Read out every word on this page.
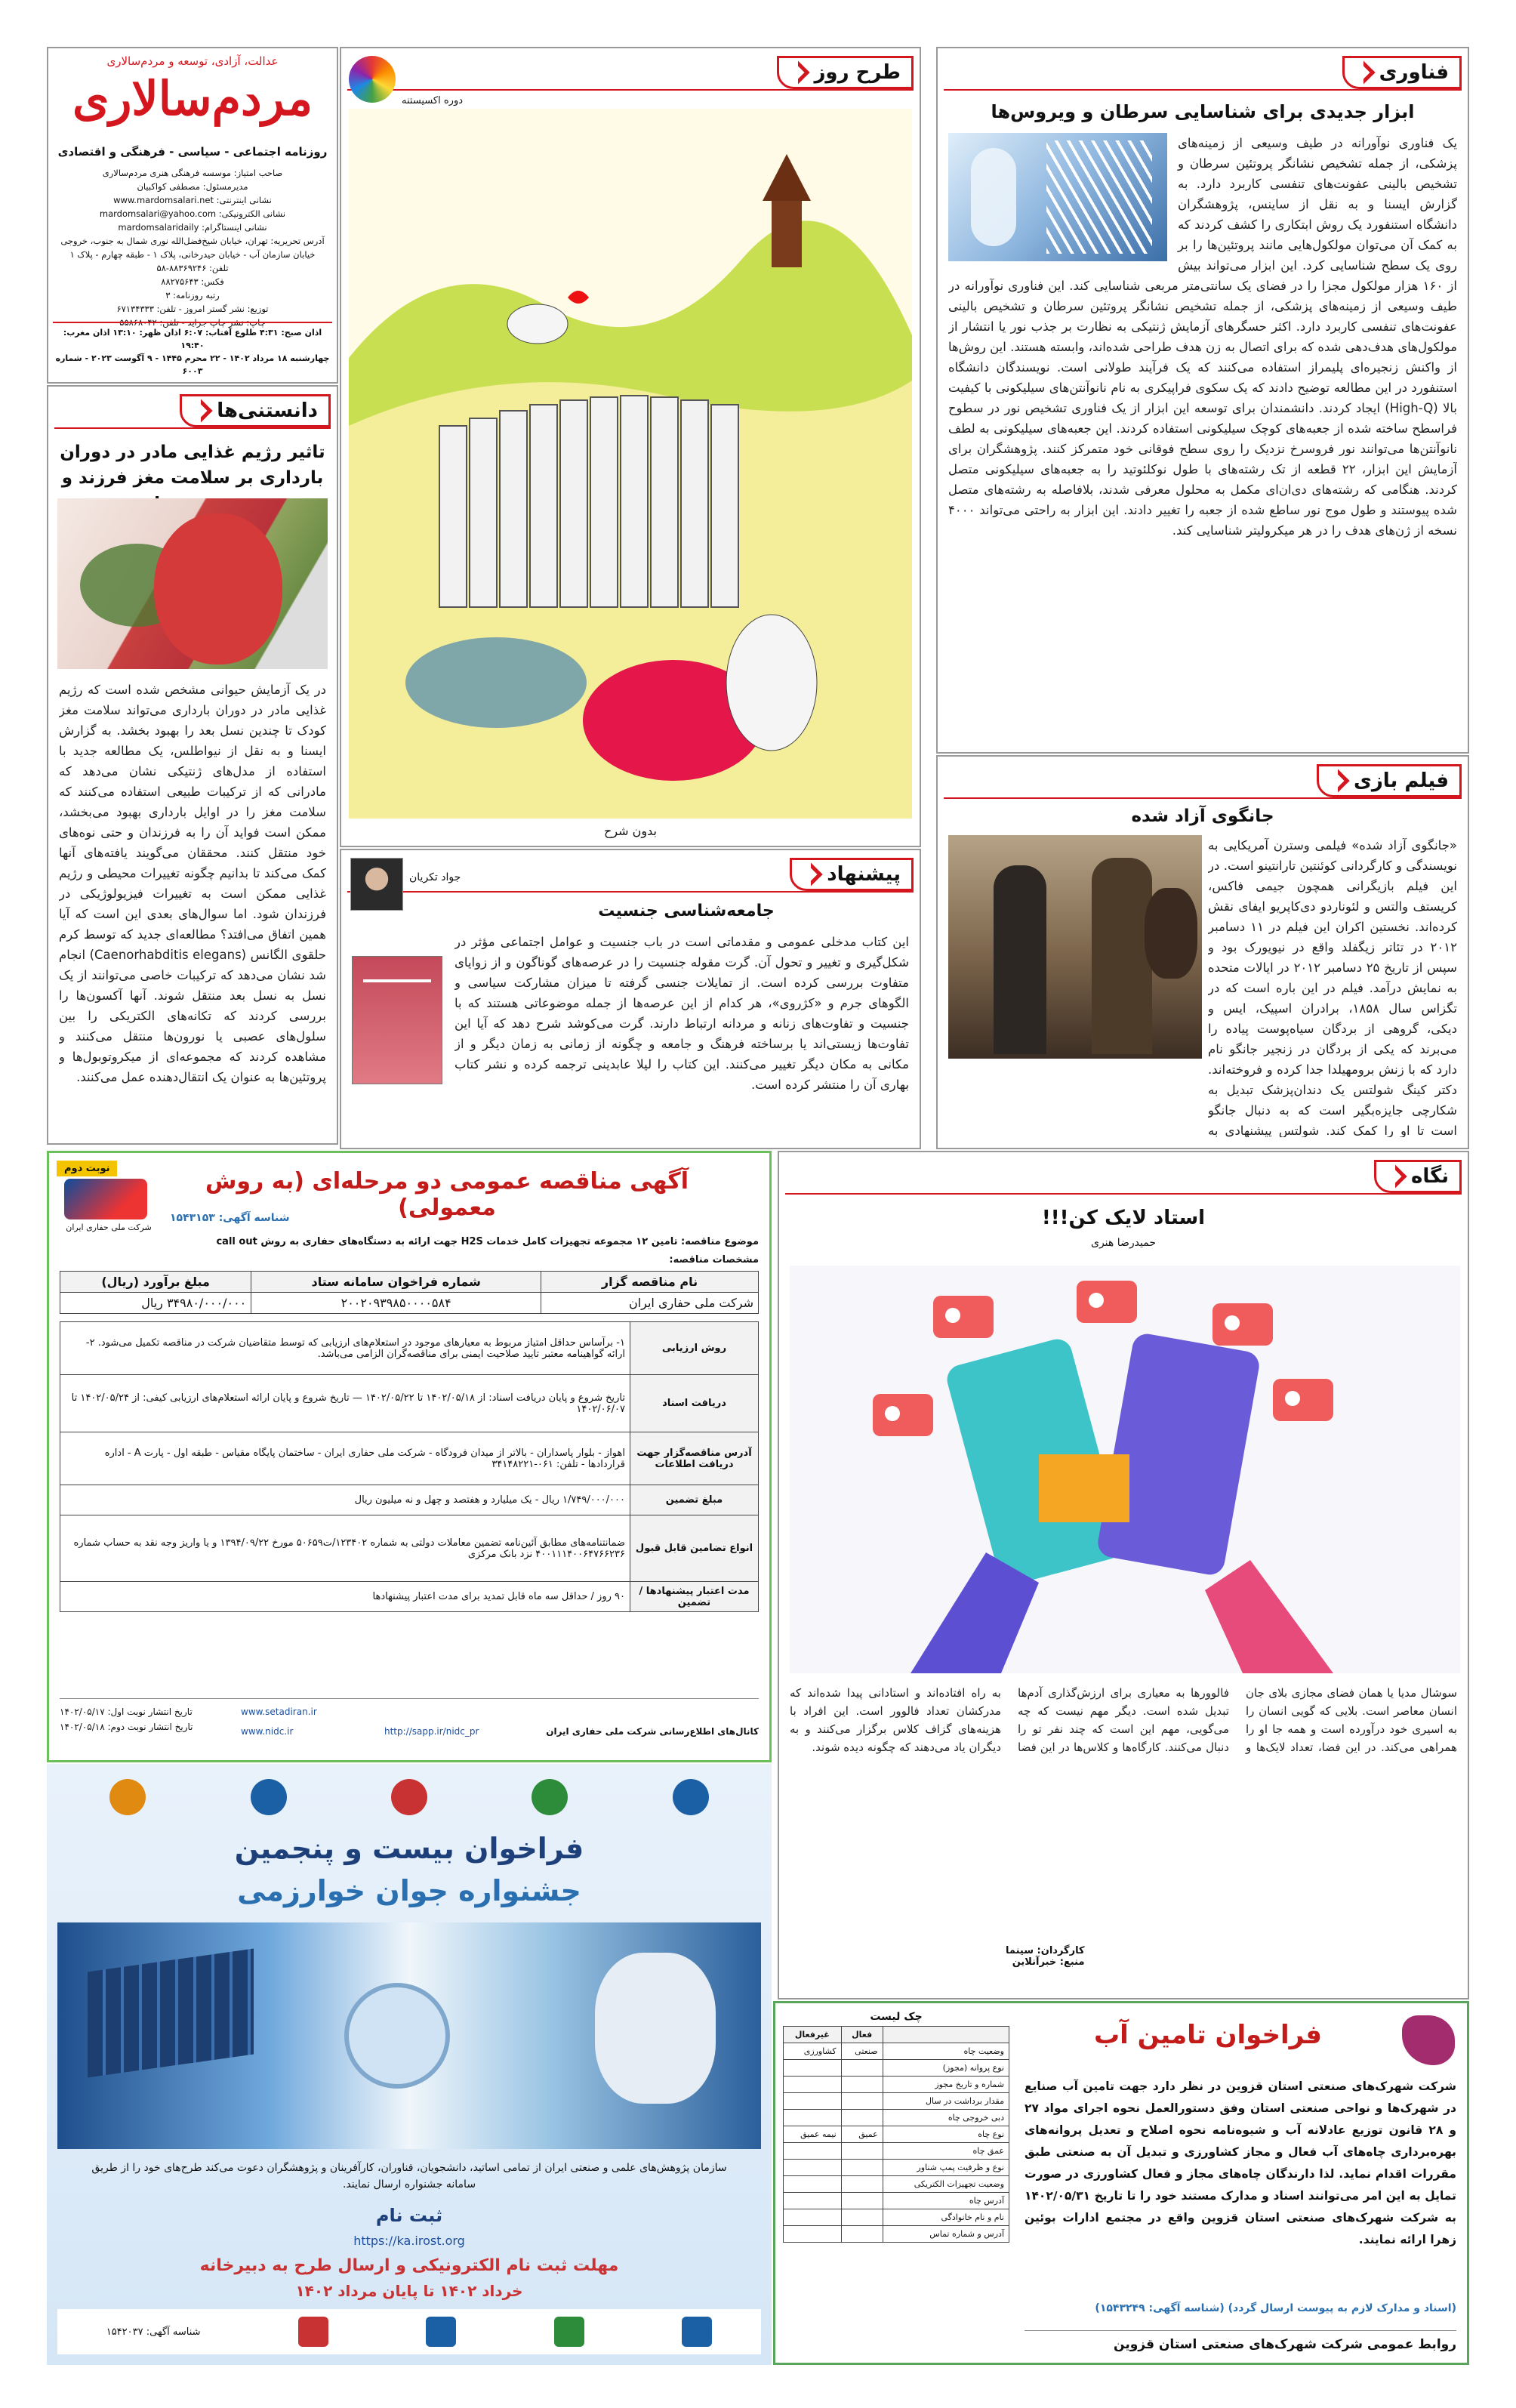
عدالت، آزادی، توسعه و مردم‌سالاری
مردم‌سالاری
روزنامه اجتماعی - سیاسی - فرهنگی و اقتصادی
صاحب امتیاز: موسسه فرهنگی هنری مردم‌سالاری
مدیرمسئول: مصطفی کواکبیان
نشانی اینترنتی: www.mardomsalari.net
نشانی الکترونیکی: mardomsalari@yahoo.com
نشانی اینستاگرام: mardomsalaridaily
آدرس تحریریه: تهران، خیابان شیخ‌فضل‌الله نوری شمال به جنوب، خروجی خیابان سازمان آب - خیابان حیدرخانی، پلاک ۱ - طبقه چهارم - پلاک ۱
تلفن: ۸۸۳۶۹۲۴۶-۵۸
فکس: ۸۸۲۷۵۶۴۳
رتبه روزنامه: ۳
توزیع: نشر گستر امروز - تلفن: ۶۷۱۳۴۳۳۳
چاپ: نشر چاپ جراید - تلفن: ۵۵۸۶۸۰۴۲
اذان صبح: ۴:۳۱ طلوع آفتاب: ۶:۰۷ اذان ظهر: ۱۳:۱۰ اذان مغرب: ۱۹:۴۰
چهارشنبه ۱۸ مرداد ۱۴۰۲ - ۲۲ محرم ۱۴۴۵ - ۹ آگوست ۲۰۲۳ - شماره ۶۰۰۳
دانستنی‌ها
تاثیر رژیم غذایی مادر در دوران بارداری بر سلامت مغز فرزند و
در یک آزمایش حیوانی مشخص شده است که رژیم غذایی مادر در دوران بارداری می‌تواند سلامت مغز کودک تا چندین نسل بعد را بهبود بخشد. به گزارش ایسنا و به نقل از نیواطلس، یک مطالعه جدید با استفاده از مدل‌های ژنتیکی نشان می‌دهد که مادرانی که از ترکیبات طبیعی استفاده می‌کنند که سلامت مغز را در اوایل بارداری بهبود می‌بخشد، ممکن است فواید آن را به فرزندان و حتی نوه‌های خود منتقل کنند. محققان می‌گویند یافته‌های آنها کمک می‌کند تا بدانیم چگونه تغییرات محیطی و رژیم غذایی ممکن است به تغییرات فیزیولوژیکی در فرزندان شود. اما سوال‌های بعدی این است که آیا همین اتفاق می‌افتد؟ مطالعه‌ای جدید که توسط کرم حلقوی الگانس (Caenorhabditis elegans) انجام شد نشان می‌دهد که ترکیبات خاصی می‌توانند از یک نسل به نسل بعد منتقل شوند. آنها آکسون‌ها را بررسی کردند که تکانه‌های الکتریکی را بین سلول‌های عصبی یا نورون‌ها منتقل می‌کنند و مشاهده کردند که مجموعه‌ای از میکروتوبول‌ها و پروتئین‌ها به عنوان یک انتقال‌دهنده عمل می‌کنند.
طرح روز
دوره اکسیستنه
بدون شرح
فناوری
ابزار جدیدی برای شناسایی سرطان و ویروس‌ها
یک فناوری نوآورانه در طیف وسیعی از زمینه‌های پزشکی، از جمله تشخیص نشانگر پروتئین سرطان و تشخیص بالینی عفونت‌های تنفسی کاربرد دارد. به گزارش ایسنا و به نقل از ساینس، پژوهشگران دانشگاه استنفورد یک روش ابتکاری را کشف کردند که به کمک آن می‌توان مولکول‌هایی مانند پروتئین‌ها را بر روی یک سطح شناسایی کرد. این ابزار می‌تواند بیش از ۱۶۰ هزار مولکول مجزا را در فضای یک سانتی‌متر مربعی شناسایی کند. این فناوری نوآورانه در طیف وسیعی از زمینه‌های پزشکی، از جمله تشخیص نشانگر پروتئین سرطان و تشخیص بالینی عفونت‌های تنفسی کاربرد دارد. اکثر حسگرهای آزمایش ژنتیکی به نظارت بر جذب نور یا انتشار از مولکول‌های هدف‌دهی شده که برای اتصال به زن هدف طراحی شده‌اند، وابسته هستند. این روش‌ها از واکنش زنجیره‌ای پلیمراز استفاده می‌کنند که یک فرآیند طولانی است. نویسندگان دانشگاه استنفورد در این مطالعه توضیح دادند که یک سکوی فراپیکری به نام نانوآنتن‌های سیلیکونی با کیفیت بالا (High-Q) ایجاد کردند. دانشمندان برای توسعه این ابزار از یک فناوری تشخیص نور در سطوح فراسطح ساخته شده از جعبه‌های کوچک سیلیکونی استفاده کردند. این جعبه‌های سیلیکونی به لطف نانوآنتن‌ها می‌توانند نور فروسرخ نزدیک را روی سطح فوقانی خود متمرکز کنند. پژوهشگران برای آزمایش این ابزار، ۲۲ قطعه از تک رشته‌های با طول نوکلئوتید را به جعبه‌های سیلیکونی متصل کردند. هنگامی که رشته‌های دی‌ان‌ای مکمل به محلول معرفی شدند، بلافاصله به رشته‌های متصل شده پیوستند و طول موج نور ساطع شده از جعبه را تغییر دادند. این ابزار به راحتی می‌تواند ۴۰۰۰ نسخه از ژن‌های هدف را در هر میکرولیتر شناسایی کند.
فیلم بازی
جانگوی آزاد شده
«جانگوی آزاد شده» فیلمی وسترن آمریکایی به نویسندگی و کارگردانی کوئنتین تارانتینو است. در این فیلم بازیگرانی همچون جیمی فاکس، کریستف والتس و لئوناردو دی‌کاپریو ایفای نقش کرده‌اند. نخستین اکران این فیلم در ۱۱ دسامبر ۲۰۱۲ در تئاتر زیگفلد واقع در نیویورک بود و سپس از تاریخ ۲۵ دسامبر ۲۰۱۲ در ایالات متحده به نمایش درآمد. فیلم در این باره است که در تگزاس سال ۱۸۵۸، برادران اسپیک، ایس و دیکی، گروهی از بردگان سیاه‌پوست پیاده را می‌برند که یکی از بردگان در زنجیر جانگو نام دارد که با زنش برومهیلدا جدا کرده و فروخته‌اند. دکتر کینگ شولتس یک دندان‌پزشک تبدیل به شکارچی جایزه‌بگیر است که به دنبال جانگو است تا او را کمک کند. شولتس پیشنهادی به
پیشنهاد
جواد تکریان
جامعه‌شناسی جنسیت
این کتاب مدخلی عمومی و مقدماتی است در باب جنسیت و عوامل اجتماعی مؤثر در شکل‌گیری و تغییر و تحول آن. گرت مقوله جنسیت را در عرصه‌های گوناگون و از زوایای متفاوت بررسی کرده است. از تمایلات جنسی گرفته تا میزان مشارکت سیاسی و الگوهای جرم و «کژروی»، هر کدام از این عرصه‌ها از جمله موضوعاتی هستند که با جنسیت و تفاوت‌های زنانه و مردانه ارتباط دارند. گرت می‌کوشد شرح دهد که آیا این تفاوت‌ها زیستی‌اند یا برساخته فرهنگ و جامعه و چگونه از زمانی به زمان دیگر و از مکانی به مکان دیگر تغییر می‌کنند. این کتاب را لیلا عابدینی ترجمه کرده و نشر کتاب بهاری آن را منتشر کرده است.
نوبت دوم
شرکت ملی حفاری ایران
آگهی مناقصه عمومی دو مرحله‌ای (به روش معمولی)
شناسه آگهی: ۱۵۴۳۱۵۳
موضوع مناقصه: تامین ۱۲ مجموعه تجهیزات کامل خدمات H2S جهت ارائه به دستگاه‌های حفاری به روش call out
مشخصات مناقصه:
نام مناقصه گزار	شماره فراخوان سامانه ستاد	مبلغ برآورد (ریال)
شرکت ملی حفاری ایران	۲۰۰۲۰۹۳۹۸۵۰۰۰۰۵۸۴	۳۴۹۸۰/۰۰۰/۰۰۰ ریال
روش ارزیابی	۱- برآساس حداقل امتیاز مربوط به معیارهای موجود در استعلام‌های ارزیابی که توسط متقاضیان شرکت در مناقصه تکمیل می‌شود. ۲- ارائه گواهینامه معتبر تایید صلاحیت ایمنی برای مناقصه‌گران الزامی می‌باشد.
دریافت اسناد	تاریخ شروع و پایان دریافت اسناد: از ۱۴۰۲/۰۵/۱۸ تا ۱۴۰۲/۰۵/۲۲ — تاریخ شروع و پایان ارائه استعلام‌های ارزیابی کیفی: از ۱۴۰۲/۰۵/۲۴ تا ۱۴۰۲/۰۶/۰۷
آدرس مناقصه‌گزار جهت دریافت اطلاعات	اهواز - بلوار پاسداران - بالاتر از میدان فرودگاه - شرکت ملی حفاری ایران - ساختمان پایگاه مقیاس - طبقه اول - پارت A - اداره قراردادها - تلفن: ۰۶۱-۳۴۱۴۸۲۲۱
مبلغ تضمین	۱/۷۴۹/۰۰۰/۰۰۰ ریال - یک میلیارد و هفتصد و چهل و نه میلیون ریال
انواع تضامین قابل قبول	ضمانتنامه‌های مطابق آئین‌نامه تضمین معاملات دولتی به شماره ۱۲۳۴۰۲/ت۵۰۶۵۹ مورخ ۱۳۹۴/۰۹/۲۲ و یا واریز وجه نقد به حساب شماره ۴۰۰۱۱۱۴۰۰۶۴۷۶۶۲۳۶ نزد بانک مرکزی
مدت اعتبار پیشنهادها / تضمین	۹۰ روز / حداقل سه ماه قابل تمدید برای مدت اعتبار پیشنهادها
تاریخ انتشار نوبت اول: ۱۴۰۲/۰۵/۱۷
تاریخ انتشار نوبت دوم: ۱۴۰۲/۰۵/۱۸
www.setadiran.ir
www.nidc.ir	http://sapp.ir/nidc_pr	کانال‌های اطلاع‌رسانی شرکت ملی حفاری ایران
نگاه
استاد لایک کن!!!
حمیدرضا هنری
سوشال مدیا یا همان فضای مجازی بلای جان انسان معاصر است. بلایی که گویی انسان را به اسیری خود درآورده است و همه جا او را همراهی می‌کند. در این فضا، تعداد لایک‌ها و فالوورها به معیاری برای ارزش‌گذاری آدم‌ها تبدیل شده است. دیگر مهم نیست که چه می‌گویی، مهم این است که چند نفر تو را دنبال می‌کنند. کارگاه‌ها و کلاس‌ها در این فضا به راه افتاده‌اند و استادانی پیدا شده‌اند که مدرکشان تعداد فالوور است. این افراد با هزینه‌های گزاف کلاس برگزار می‌کنند و به دیگران یاد می‌دهند که چگونه دیده شوند.
کارگردان: سینما
منبع: خبرآنلاین
فراخوان بیست و پنجمین
جشنواره جوان خوارزمی
سازمان پژوهش‌های علمی و صنعتی ایران از تمامی اساتید، دانشجویان، فناوران، کارآفرینان و پژوهشگران دعوت می‌کند طرح‌های خود را از طریق سامانه جشنواره ارسال نمایند.
ثبت نام
https://ka.irost.org
مهلت ثبت نام الکترونیکی و ارسال طرح به دبیرخانه
خرداد ۱۴۰۲ تا پایان مرداد ۱۴۰۲
شناسه آگهی: ۱۵۴۲۰۳۷
چک لیست
	فعال	غیرفعال
وضعیت چاه	صنعتی	کشاورزی
نوع پروانه (مجوز)		
شماره و تاریخ مجوز		
مقدار برداشت در سال		
دبی خروجی چاه		
نوع چاه	عمیق	نیمه عمیق
عمق چاه		
نوع و ظرفیت پمپ شناور		
وضعیت تجهیزات الکتریکی		
آدرس چاه		
نام و نام خانوادگی		
آدرس و شماره تماس		
فراخوان تامین آب
شرکت شهرک‌های صنعتی استان قزوین در نظر دارد جهت تامین آب صنایع در شهرک‌ها و نواحی صنعتی استان وفق دستورالعمل نحوه اجرای مواد ۲۷ و ۲۸ قانون توزیع عادلانه آب و شیوه‌نامه نحوه اصلاح و تعدیل پروانه‌های بهره‌برداری چاه‌های آب فعال و مجاز کشاورزی و تبدیل آن به صنعتی طبق مقررات اقدام نماید. لذا دارندگان چاه‌های مجاز و فعال کشاورزی در صورت تمایل به این امر می‌توانند اسناد و مدارک مستند خود را تا تاریخ ۱۴۰۲/۰۵/۳۱ به شرکت شهرک‌های صنعتی استان قزوین واقع در مجتمع ادارات بوئین زهرا ارائه نمایند.
(اسناد و مدارک لازم به پیوست ارسال گردد) (شناسه آگهی: ۱۵۴۳۲۴۹)
روابط عمومی شرکت شهرک‌های صنعتی استان قزوین
